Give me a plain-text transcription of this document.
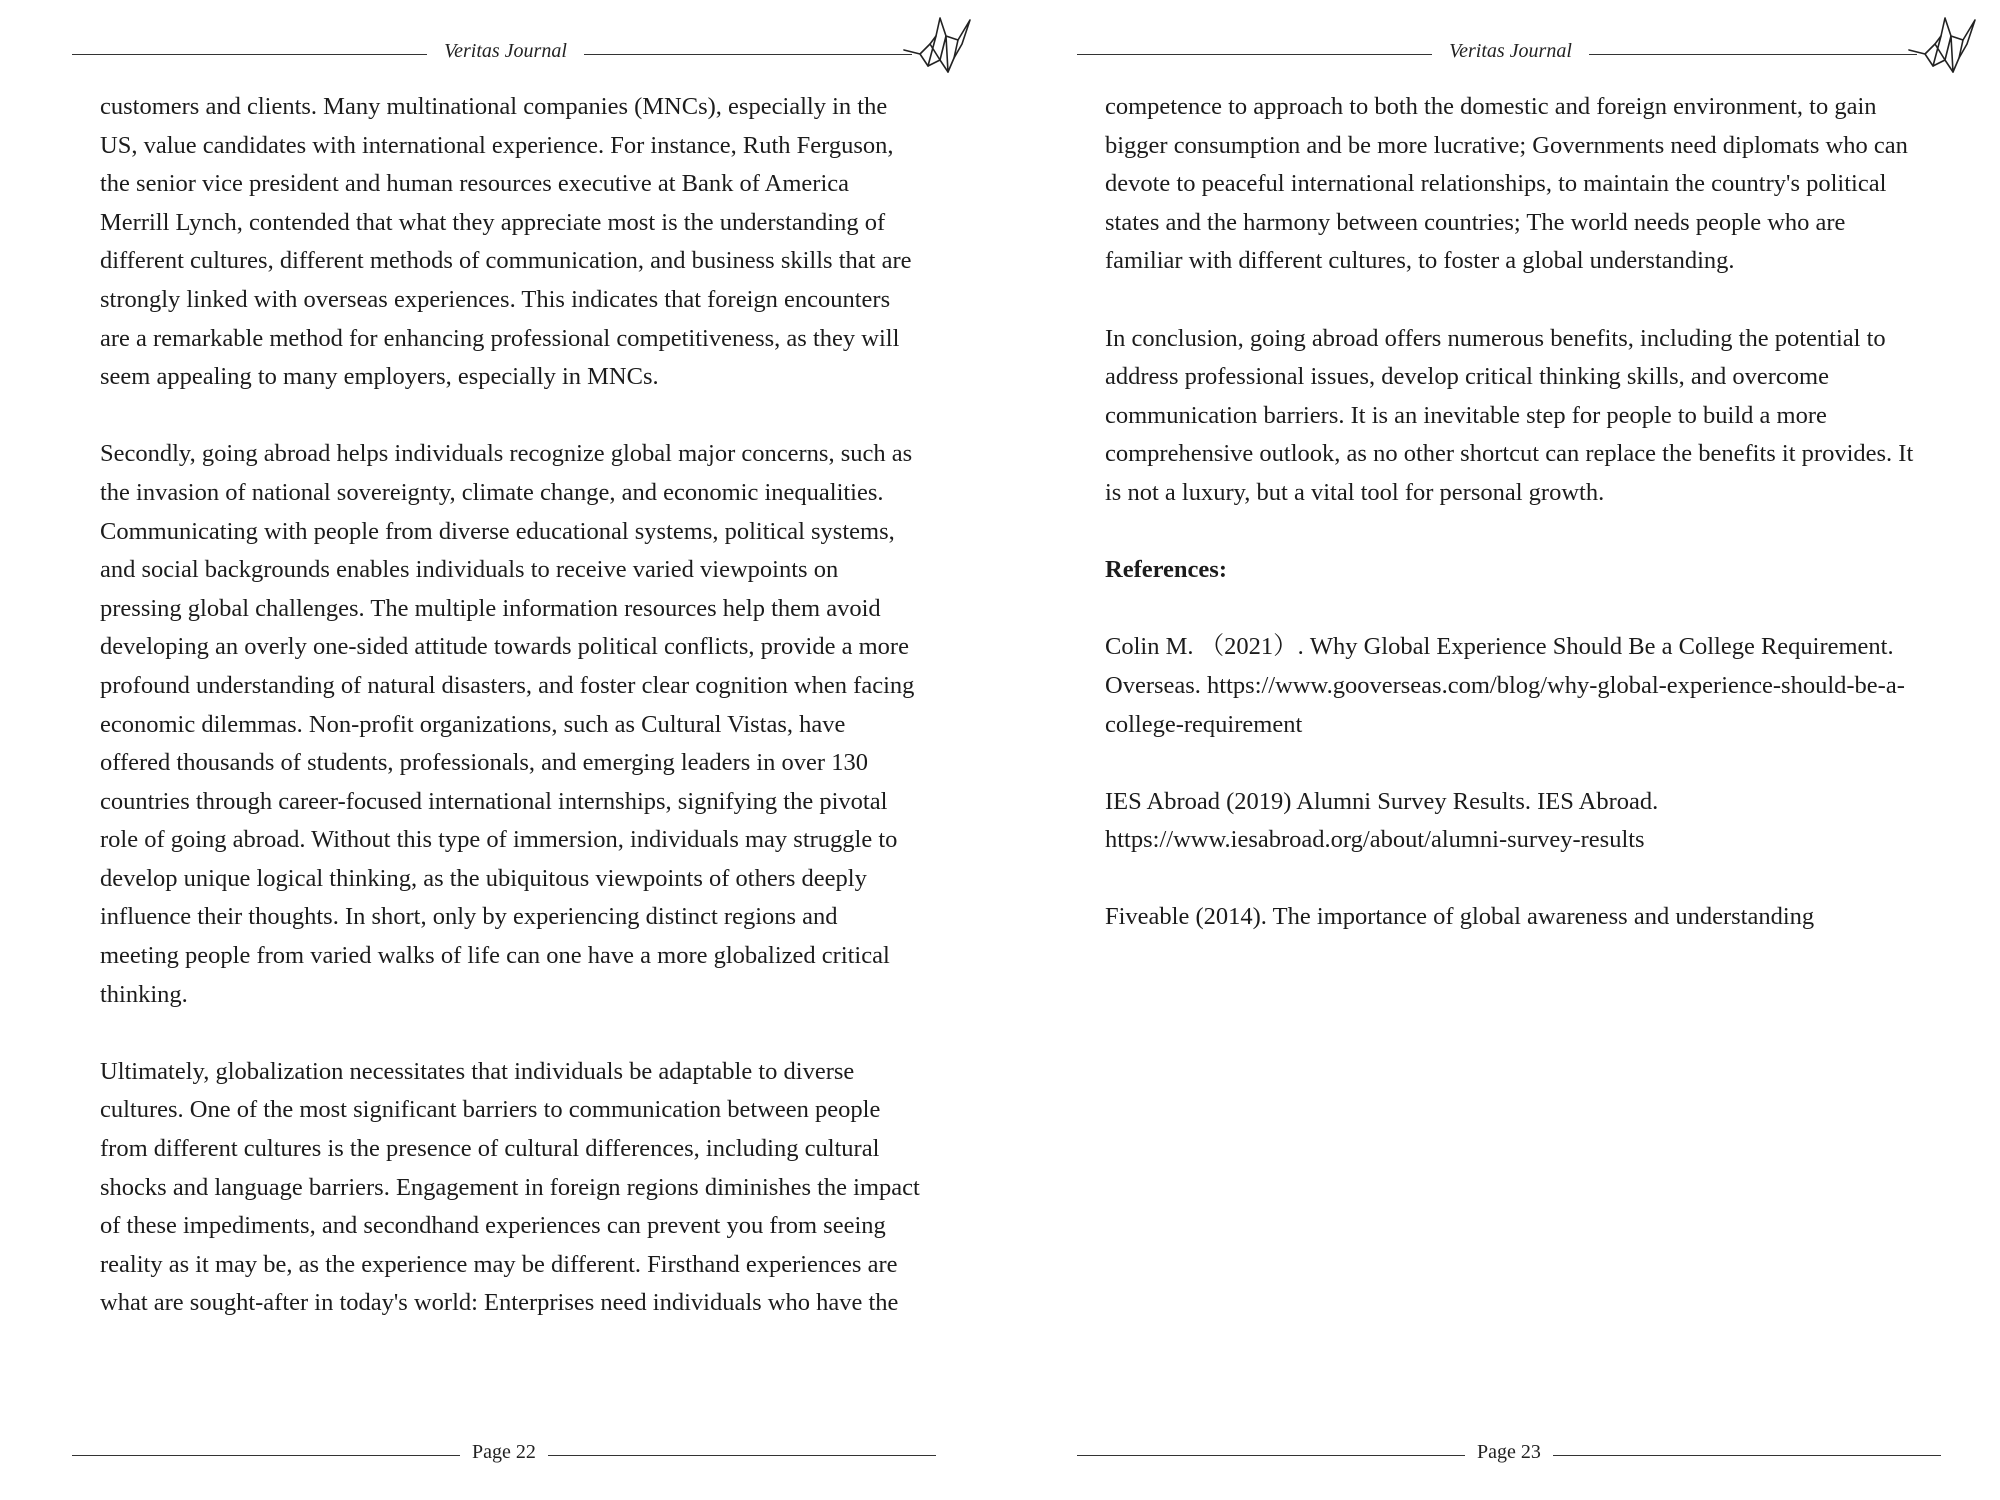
Veritas Journal

customers and clients. Many multinational companies (MNCs), especially in the US, value candidates with international experience. For instance, Ruth Ferguson, the senior vice president and human resources executive at Bank of America Merrill Lynch, contended that what they appreciate most is the understanding of different cultures, different methods of communication, and business skills that are strongly linked with overseas experiences. This indicates that foreign encounters are a remarkable method for enhancing professional competitiveness, as they will seem appealing to many employers, especially in MNCs.

Secondly, going abroad helps individuals recognize global major concerns, such as the invasion of national sovereignty, climate change, and economic inequalities. Communicating with people from diverse educational systems, political systems, and social backgrounds enables individuals to receive varied viewpoints on pressing global challenges. The multiple information resources help them avoid developing an overly one-sided attitude towards political conflicts, provide a more profound understanding of natural disasters, and foster clear cognition when facing economic dilemmas. Non-profit organizations, such as Cultural Vistas, have offered thousands of students, professionals, and emerging leaders in over 130 countries through career-focused international internships, signifying the pivotal role of going abroad. Without this type of immersion, individuals may struggle to develop unique logical thinking, as the ubiquitous viewpoints of others deeply influence their thoughts. In short, only by experiencing distinct regions and meeting people from varied walks of life can one have a more globalized critical thinking.

Ultimately, globalization necessitates that individuals be adaptable to diverse cultures. One of the most significant barriers to communication between people from different cultures is the presence of cultural differences, including cultural shocks and language barriers. Engagement in foreign regions diminishes the impact of these impediments, and secondhand experiences can prevent you from seeing reality as it may be, as the experience may be different. Firsthand experiences are what are sought-after in today's world: Enterprises need individuals who have the

Page 22
Veritas Journal

competence to approach to both the domestic and foreign environment, to gain bigger consumption and be more lucrative; Governments need diplomats who can devote to peaceful international relationships, to maintain the country's political states and the harmony between countries; The world needs people who are familiar with different cultures, to foster a global understanding.

In conclusion, going abroad offers numerous benefits, including the potential to address professional issues, develop critical thinking skills, and overcome communication barriers. It is an inevitable step for people to build a more comprehensive outlook, as no other shortcut can replace the benefits it provides. It is not a luxury, but a vital tool for personal growth.

References:

Colin M. （2021）. Why Global Experience Should Be a College Requirement. Overseas. https://www.gooverseas.com/blog/why-global-experience-should-be-a-college-requirement

IES Abroad (2019) Alumni Survey Results. IES Abroad. https://www.iesabroad.org/about/alumni-survey-results

Fiveable (2014). The importance of global awareness and understanding

Page 23
